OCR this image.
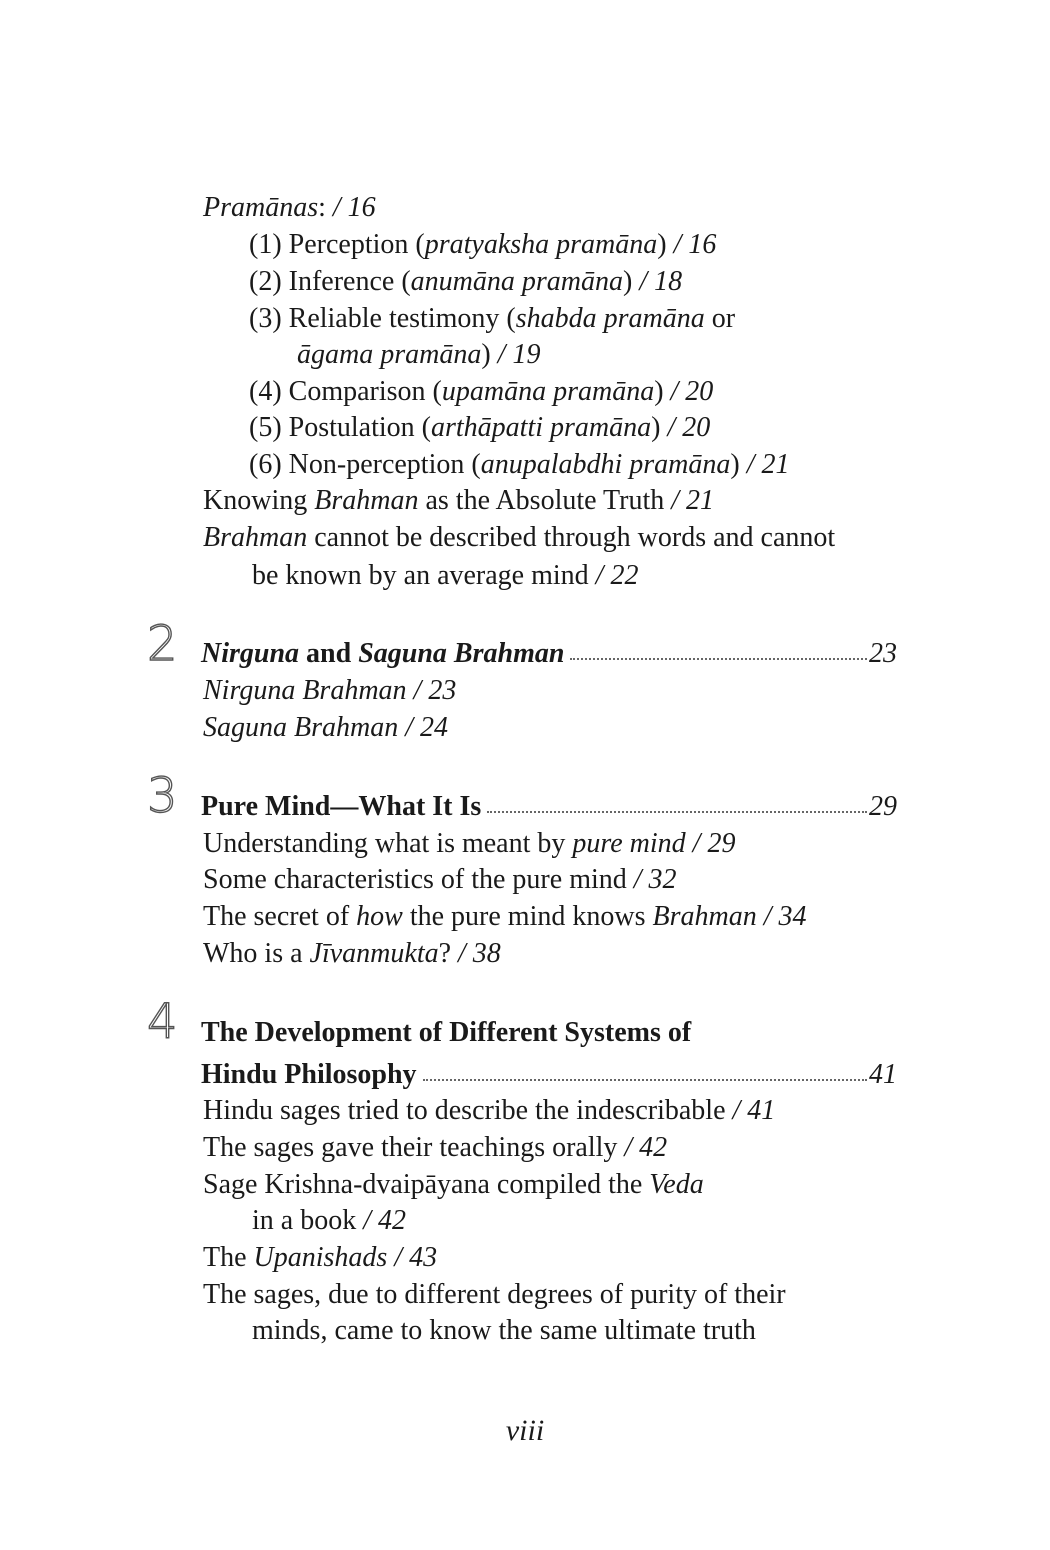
Pramānas: / 16
(1) Perception (pratyaksha pramāna) / 16
(2) Inference (anumāna pramāna) / 18
(3) Reliable testimony (shabda pramāna or
āgama pramāna) / 19
(4) Comparison (upamāna pramāna) / 20
(5) Postulation (arthāpatti pramāna) / 20
(6) Non-perception (anupalabdhi pramāna) / 21
Knowing Brahman as the Absolute Truth / 21
Brahman cannot be described through words and cannot
be known by an average mind / 22
2 Nirguna and Saguna Brahman	23
Nirguna Brahman / 23
Saguna Brahman / 24
3 Pure Mind—What It Is	29
Understanding what is meant by pure mind / 29
Some characteristics of the pure mind / 32
The secret of how the pure mind knows Brahman / 34
Who is a Jīvanmukta? / 38
4 The Development of Different Systems of
Hindu Philosophy	41
Hindu sages tried to describe the indescribable / 41
The sages gave their teachings orally / 42
Sage Krishna-dvaipāyana compiled the Veda
in a book / 42
The Upanishads / 43
The sages, due to different degrees of purity of their
minds, came to know the same ultimate truth
viii
